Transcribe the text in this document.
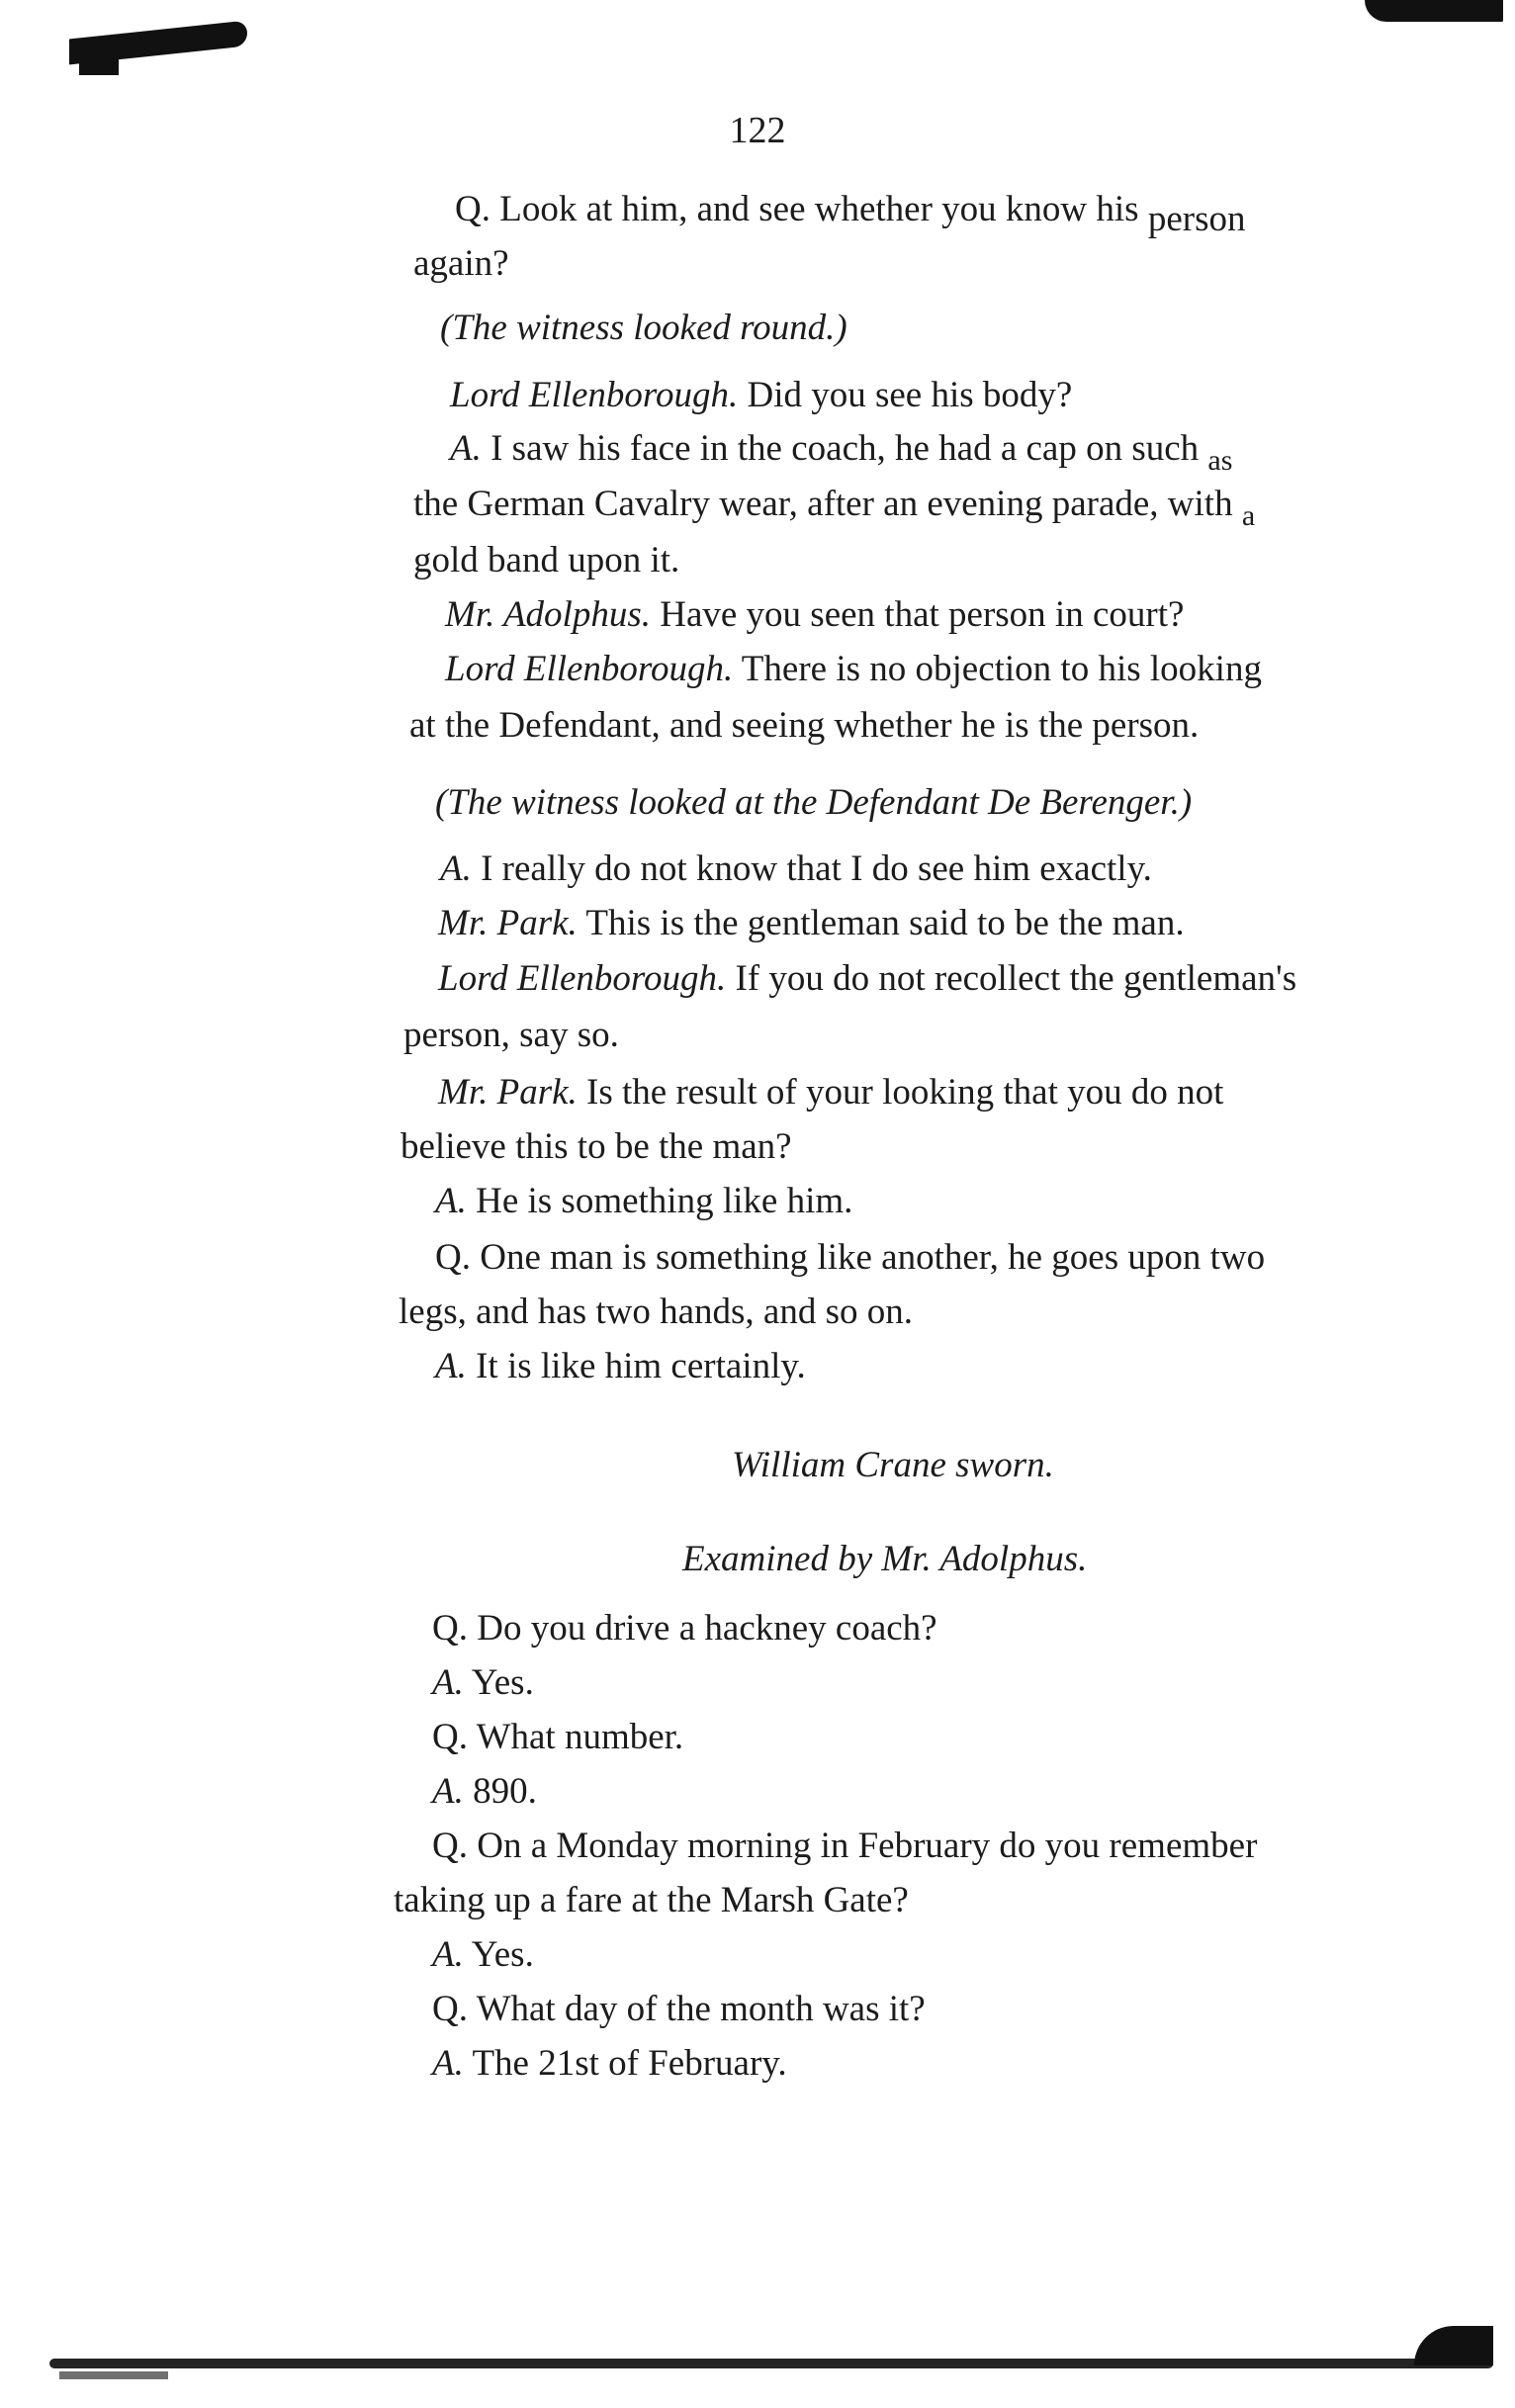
122
Q. Look at him, and see whether you know his person
again?
(The witness looked round.)
Lord Ellenborough. Did you see his body?
A. I saw his face in the coach, he had a cap on such $_{as}$
the German Cavalry wear, after an evening parade, with $_a$
gold band upon it.
Mr. Adolphus. Have you seen that person in court?
Lord Ellenborough. There is no objection to his looking
at the Defendant, and seeing whether he is the person.
(The witness looked at the Defendant De Berenger.)
A. I really do not know that I do see him exactly.
Mr. Park. This is the gentleman said to be the man.
Lord Ellenborough. If you do not recollect the gentleman's
person, say so.
Mr. Park. Is the result of your looking that you do not
believe this to be the man?
A. He is something like him.
Q. One man is something like another, he goes upon two
legs, and has two hands, and so on.
A. It is like him certainly.
William Crane sworn.
Examined by Mr. Adolphus.
Q. Do you drive a hackney coach?
A. Yes.
Q. What number.
A. 890.
Q. On a Monday morning in February do you remember
taking up a fare at the Marsh Gate?
A. Yes.
Q. What day of the month was it?
A. The 21st of February.
